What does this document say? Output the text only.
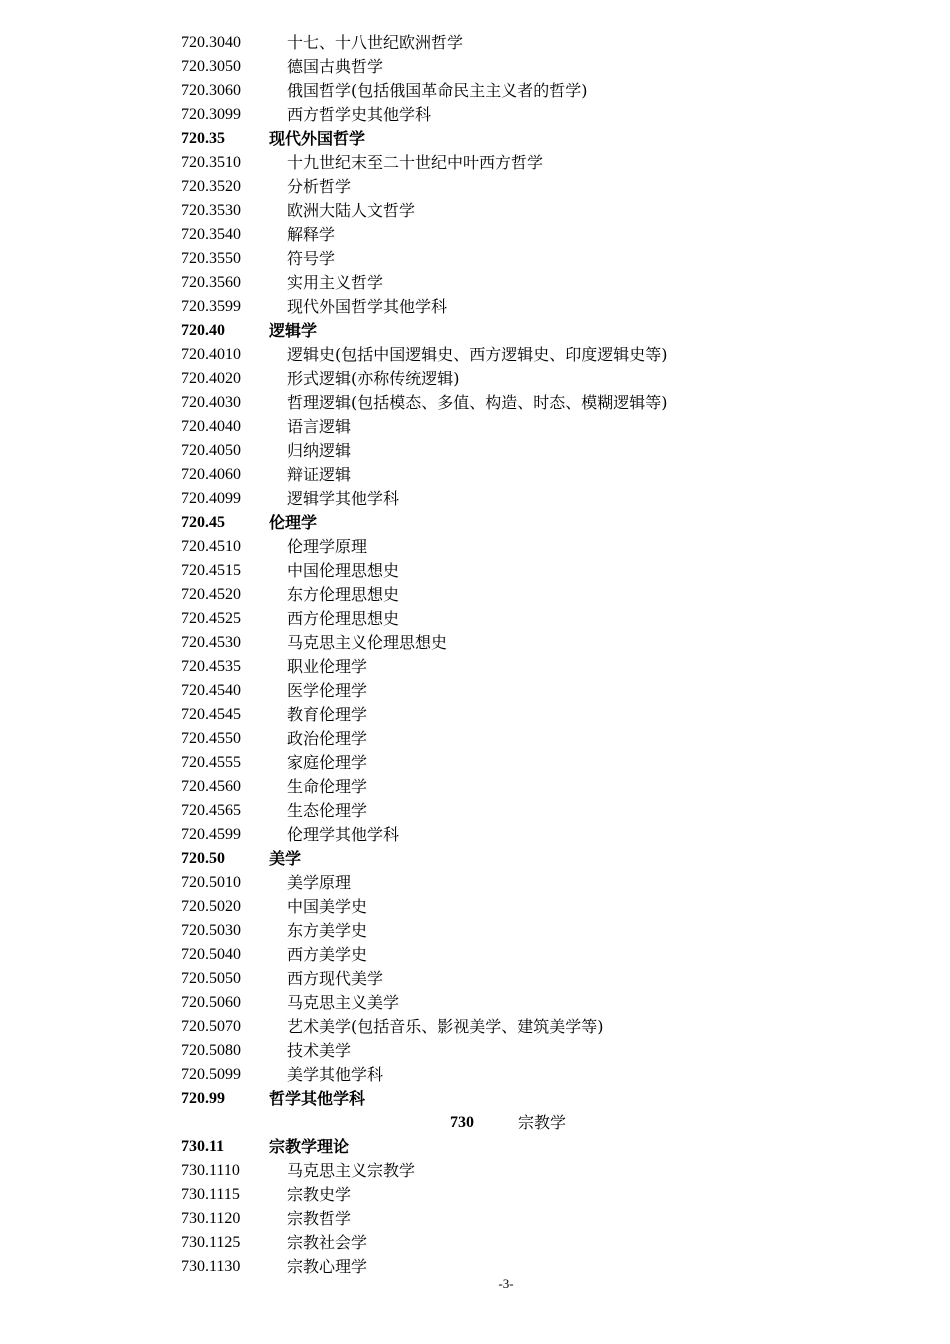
720.3040	十七、十八世纪欧洲哲学
720.3050	德国古典哲学
720.3060	俄国哲学(包括俄国革命民主主义者的哲学)
720.3099	西方哲学史其他学科
720.35	现代外国哲学
720.3510	十九世纪末至二十世纪中叶西方哲学
720.3520	分析哲学
720.3530	欧洲大陆人文哲学
720.3540	解释学
720.3550	符号学
720.3560	实用主义哲学
720.3599	现代外国哲学其他学科
720.40	逻辑学
720.4010	逻辑史(包括中国逻辑史、西方逻辑史、印度逻辑史等)
720.4020	形式逻辑(亦称传统逻辑)
720.4030	哲理逻辑(包括模态、多值、构造、时态、模糊逻辑等)
720.4040	语言逻辑
720.4050	归纳逻辑
720.4060	辩证逻辑
720.4099	逻辑学其他学科
720.45	伦理学
720.4510	伦理学原理
720.4515	中国伦理思想史
720.4520	东方伦理思想史
720.4525	西方伦理思想史
720.4530	马克思主义伦理思想史
720.4535	职业伦理学
720.4540	医学伦理学
720.4545	教育伦理学
720.4550	政治伦理学
720.4555	家庭伦理学
720.4560	生命伦理学
720.4565	生态伦理学
720.4599	伦理学其他学科
720.50	美学
720.5010	美学原理
720.5020	中国美学史
720.5030	东方美学史
720.5040	西方美学史
720.5050	西方现代美学
720.5060	马克思主义美学
720.5070	艺术美学(包括音乐、影视美学、建筑美学等)
720.5080	技术美学
720.5099	美学其他学科
720.99	哲学其他学科
730	宗教学
730.11	宗教学理论
730.1110	马克思主义宗教学
730.1115	宗教史学
730.1120	宗教哲学
730.1125	宗教社会学
730.1130	宗教心理学
-3-
